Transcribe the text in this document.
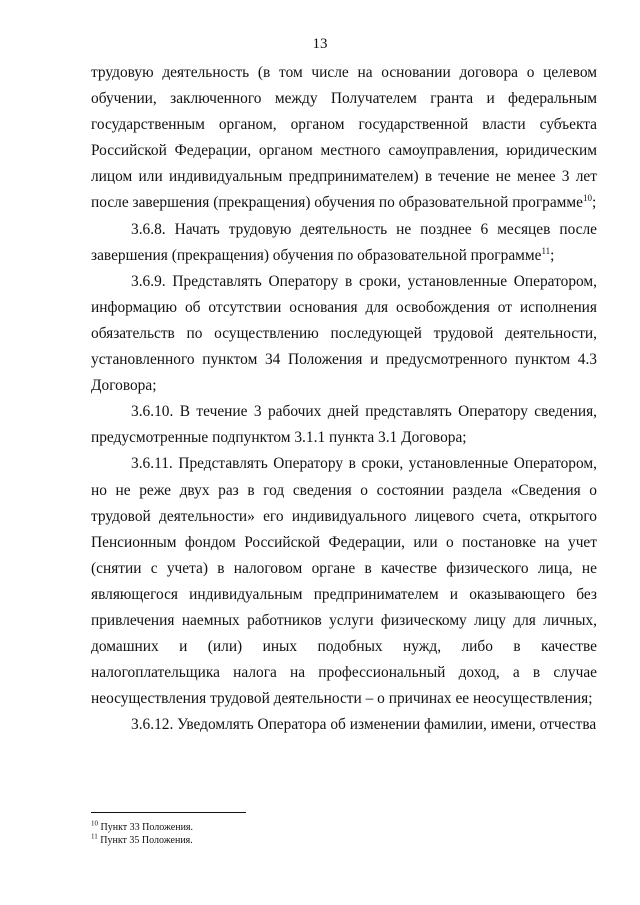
13

трудовую деятельность (в том числе на основании договора о целевом обучении, заключенного между Получателем гранта и федеральным государственным органом, органом государственной власти субъекта Российской Федерации, органом местного самоуправления, юридическим лицом или индивидуальным предпринимателем) в течение не менее 3 лет после завершения (прекращения) обучения по образовательной программе$^{10}$;

3.6.8. Начать трудовую деятельность не позднее 6 месяцев после завершения (прекращения) обучения по образовательной программе$^{11}$;

3.6.9. Представлять Оператору в сроки, установленные Оператором, информацию об отсутствии основания для освобождения от исполнения обязательств по осуществлению последующей трудовой деятельности, установленного пунктом 34 Положения и предусмотренного пунктом 4.3 Договора;

3.6.10. В течение 3 рабочих дней представлять Оператору сведения, предусмотренные подпунктом 3.1.1 пункта 3.1 Договора;

3.6.11. Представлять Оператору в сроки, установленные Оператором, но не реже двух раз в год сведения о состоянии раздела «Сведения о трудовой деятельности» его индивидуального лицевого счета, открытого Пенсионным фондом Российской Федерации, или о постановке на учет (снятии с учета) в налоговом органе в качестве физического лица, не являющегося индивидуальным предпринимателем и оказывающего без привлечения наемных работников услуги физическому лицу для личных, домашних и (или) иных подобных нужд, либо в качестве налогоплательщика налога на профессиональный доход, а в случае неосуществления трудовой деятельности – о причинах ее неосуществления;

3.6.12. Уведомлять Оператора об изменении фамилии, имени, отчества

$^{10}$ Пункт 33 Положения.

$^{11}$ Пункт 35 Положения.
